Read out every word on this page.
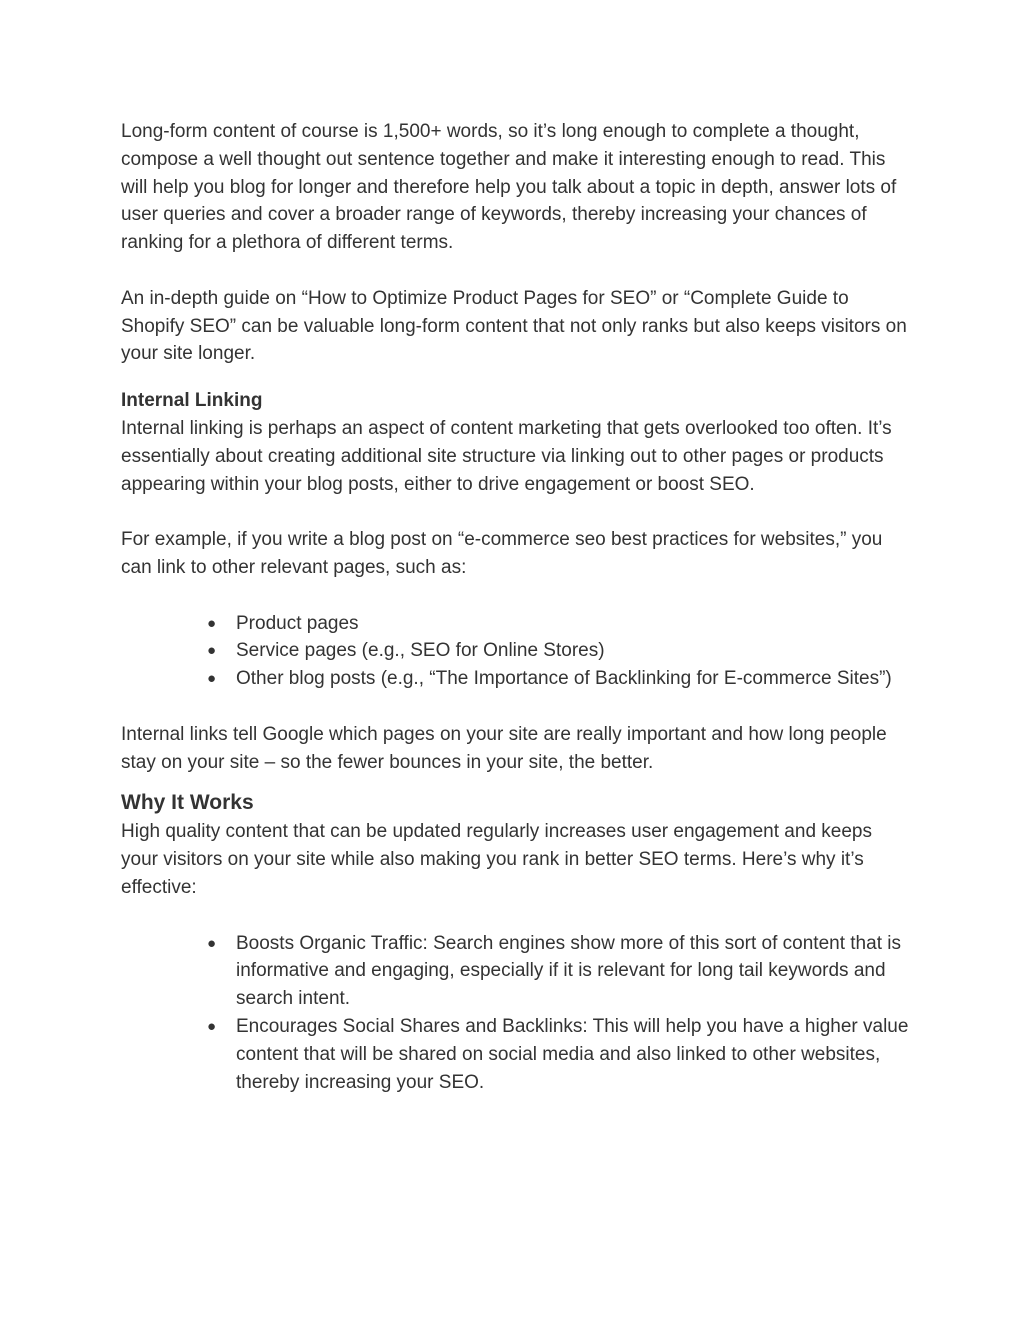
Long-form content of course is 1,500+ words, so it’s long enough to complete a thought, compose a well thought out sentence together and make it interesting enough to read. This will help you blog for longer and therefore help you talk about a topic in depth, answer lots of user queries and cover a broader range of keywords, thereby increasing your chances of ranking for a plethora of different terms.

An in-depth guide on “How to Optimize Product Pages for SEO” or “Complete Guide to Shopify SEO” can be valuable long-form content that not only ranks but also keeps visitors on your site longer.

Internal Linking

Internal linking is perhaps an aspect of content marketing that gets overlooked too often. It’s essentially about creating additional site structure via linking out to other pages or products appearing within your blog posts, either to drive engagement or boost SEO.

For example, if you write a blog post on “e-commerce seo best practices for websites,” you can link to other relevant pages, such as:

● Product pages
● Service pages (e.g., SEO for Online Stores)
● Other blog posts (e.g., “The Importance of Backlinking for E-commerce Sites”)

Internal links tell Google which pages on your site are really important and how long people stay on your site – so the fewer bounces in your site, the better.

Why It Works

High quality content that can be updated regularly increases user engagement and keeps your visitors on your site while also making you rank in better SEO terms. Here’s why it’s effective:

● Boosts Organic Traffic: Search engines show more of this sort of content that is informative and engaging, especially if it is relevant for long tail keywords and search intent.
● Encourages Social Shares and Backlinks: This will help you have a higher value content that will be shared on social media and also linked to other websites, thereby increasing your SEO.
